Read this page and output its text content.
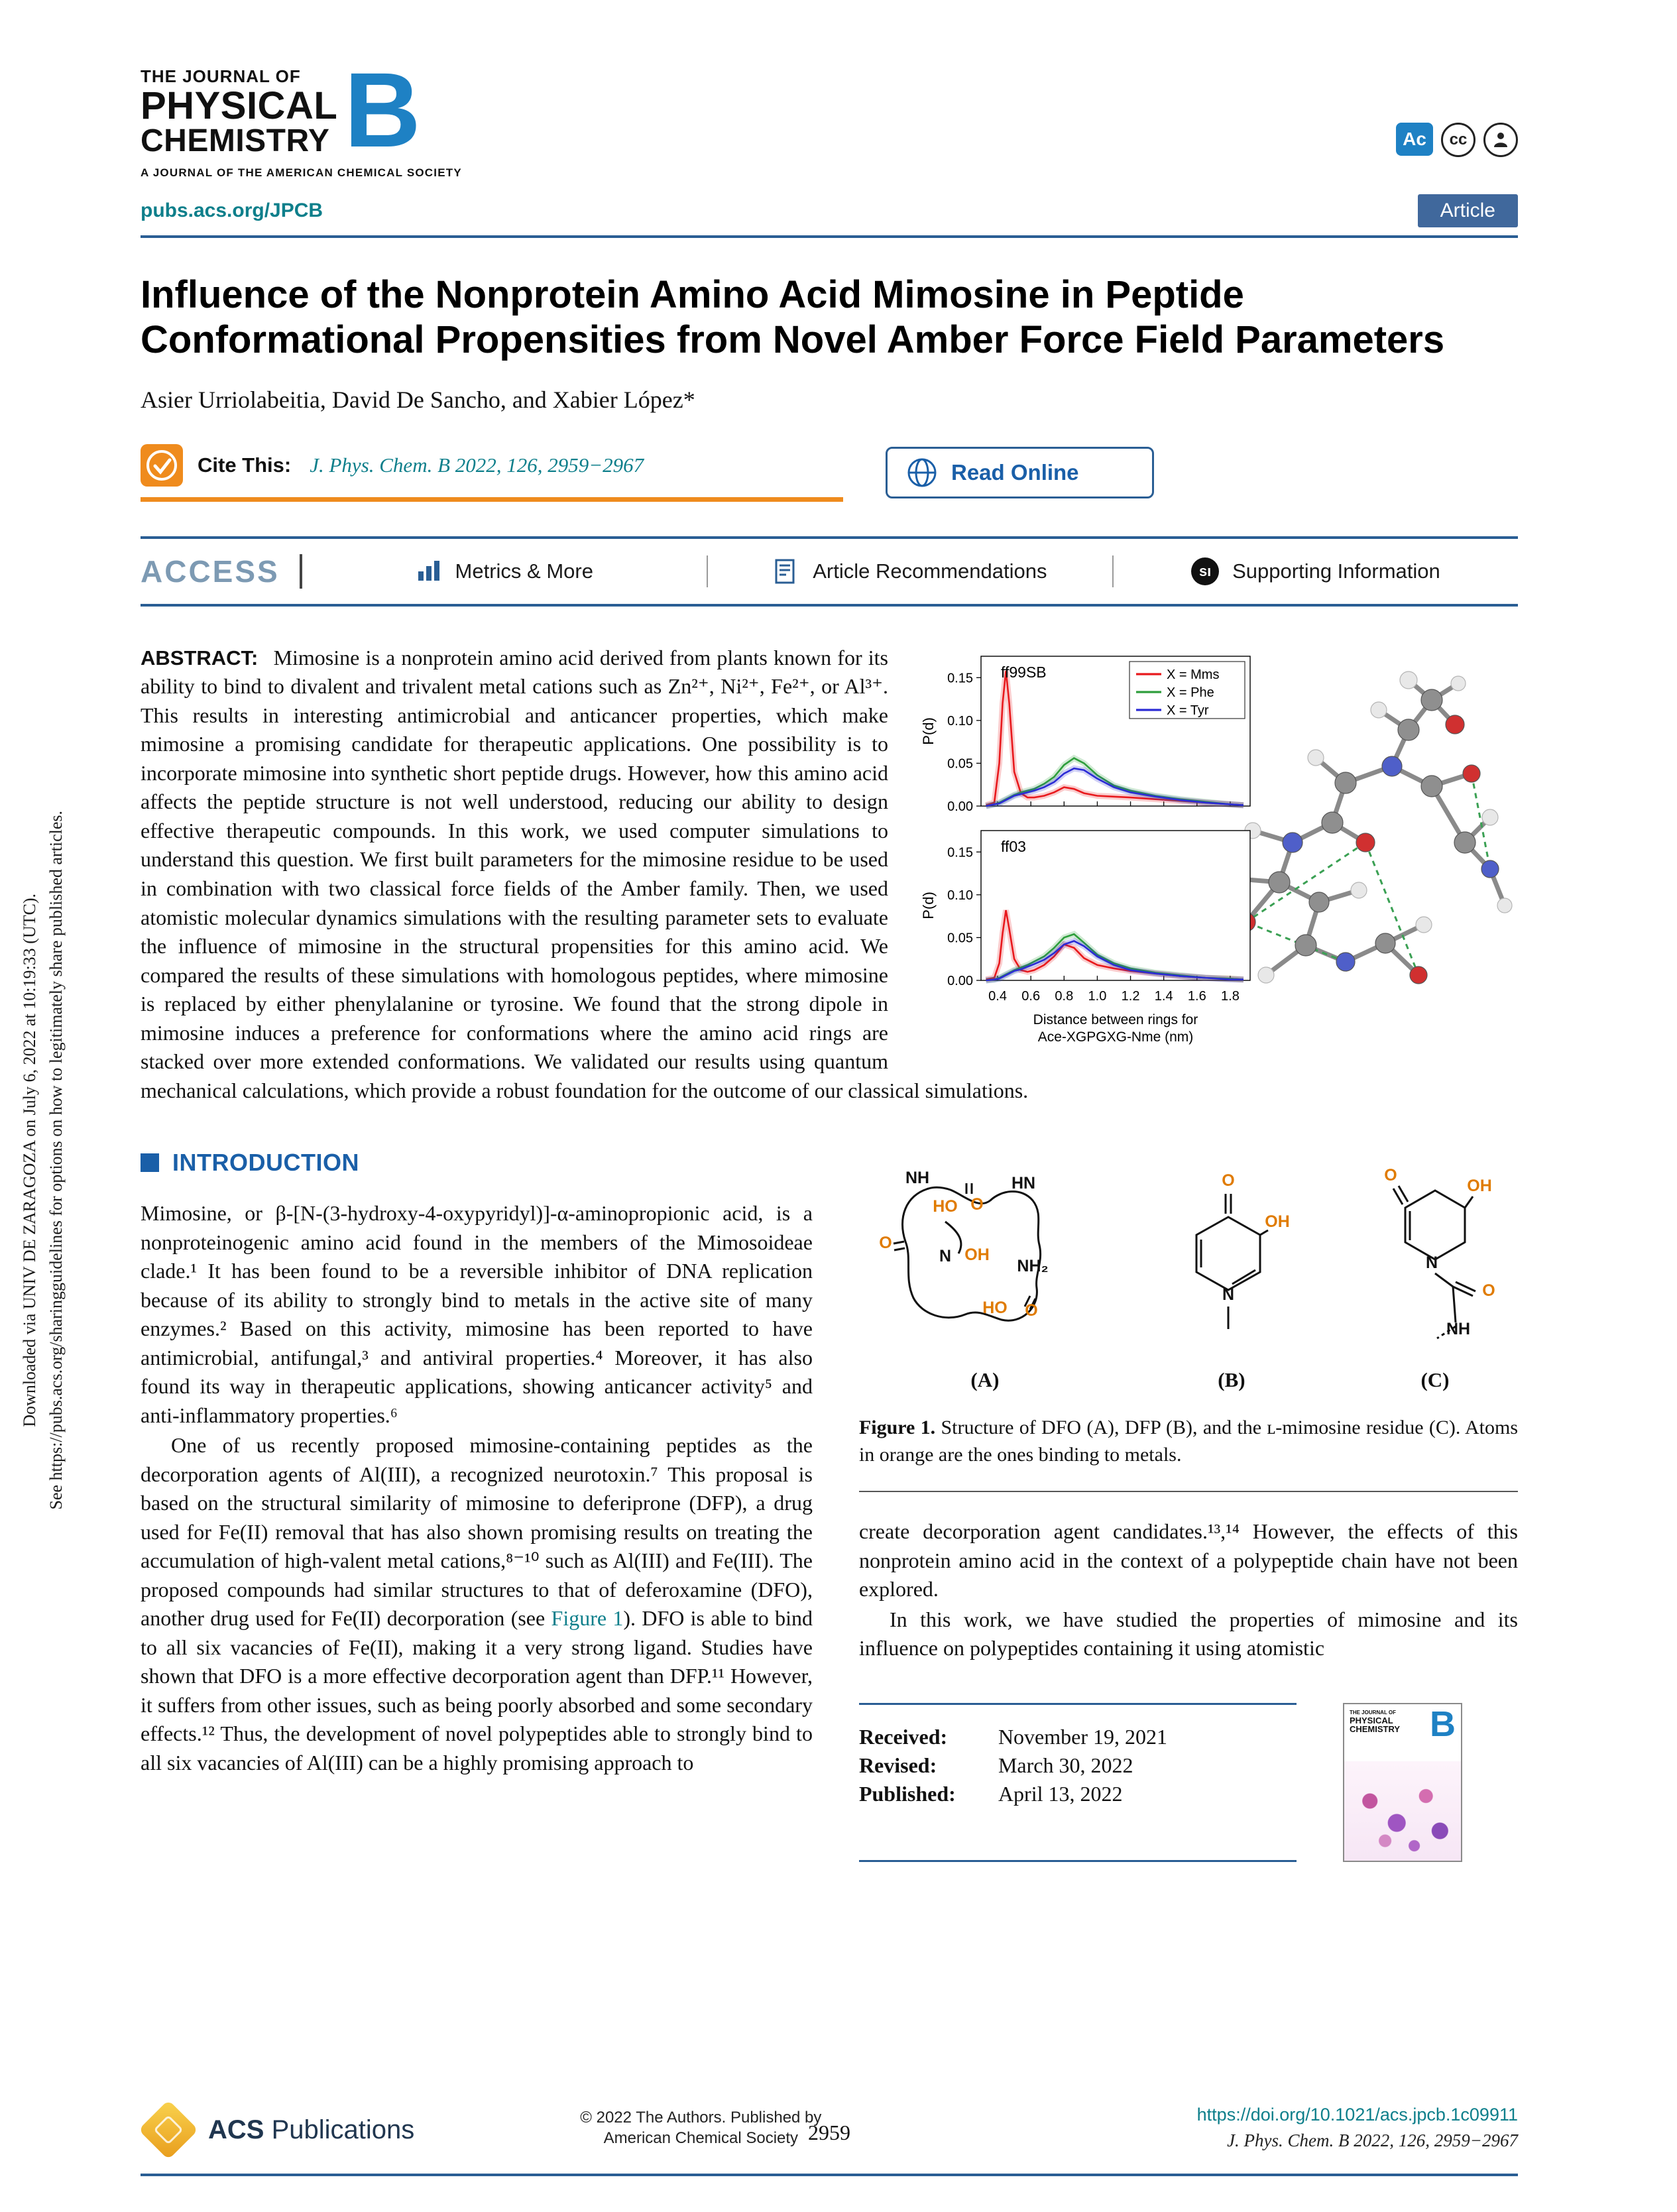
Downloaded via UNIV DE ZARAGOZA on July 6, 2022 at 10:19:33 (UTC). See https://pubs.acs.org/sharingguidelines for options on how to legitimately share published articles.
THE JOURNAL OF
PHYSICAL
CHEMISTRY B
A JOURNAL OF THE AMERICAN CHEMICAL SOCIETY
Ac cc
pubs.acs.org/JPCB	Article
Influence of the Nonprotein Amino Acid Mimosine in Peptide Conformational Propensities from Novel Amber Force Field Parameters
Asier Urriolabeitia, David De Sancho, and Xabier López*
Cite This: J. Phys. Chem. B 2022, 126, 2959−2967	Read Online
ACCESS	Metrics & More	Article Recommendations	sı	Supporting Information
0.00
0.05
0.10
0.15 ff99SB
P(d)
X = Mms
X = Phe
X = Tyr
0.00
0.05
0.10
0.15
0.4 0.6 0.8 1.0 1.2 1.4 1.6 1.8
ff03
P(d)
Distance between rings for
Ace-XGPGXG-Nme (nm)
ABSTRACT: Mimosine is a nonprotein amino acid derived from plants known for its ability to bind to divalent and trivalent metal cations such as Zn²⁺, Ni²⁺, Fe²⁺, or Al³⁺. This results in interesting antimicrobial and anticancer properties, which make mimosine a promising candidate for therapeutic applications. One possibility is to incorporate mimosine into synthetic short peptide drugs. However, how this amino acid affects the peptide structure is not well understood, reducing our ability to design effective therapeutic compounds. In this work, we used computer simulations to understand this question. We first built parameters for the mimosine residue to be used in combination with two classical force fields of the Amber family. Then, we used atomistic molecular dynamics simulations with the resulting parameter sets to evaluate the influence of mimosine in the structural propensities for this amino acid. We compared the results of these simulations with homologous peptides, where mimosine is replaced by either phenylalanine or tyrosine. We found that the strong dipole in mimosine induces a preference for conformations where the amino acid rings are stacked over more extended conformations. We validated our results using quantum mechanical calculations, which provide a robust foundation for the outcome of our classical simulations.
INTRODUCTION

Mimosine, or β-[N-(3-hydroxy-4-oxypyridyl)]-α-aminopropionic acid, is a nonproteinogenic amino acid found in the members of the Mimosoideae clade.¹ It has been found to be a reversible inhibitor of DNA replication because of its ability to strongly bind to metals in the active site of many enzymes.² Based on this activity, mimosine has been reported to have antimicrobial, antifungal,³ and antiviral properties.⁴ Moreover, it has also found its way in therapeutic applications, showing anticancer activity⁵ and anti-inflammatory properties.⁶

One of us recently proposed mimosine-containing peptides as the decorporation agents of Al(III), a recognized neurotoxin.⁷ This proposal is based on the structural similarity of mimosine to deferiprone (DFP), a drug used for Fe(II) removal that has also shown promising results on treating the accumulation of high-valent metal cations,⁸⁻¹⁰ such as Al(III) and Fe(III). The proposed compounds had similar structures to that of deferoxamine (DFO), another drug used for Fe(II) decorporation (see Figure 1). DFO is able to bind to all six vacancies of Fe(II), making it a very strong ligand. Studies have shown that DFO is a more effective decorporation agent than DFP.¹¹ However, it suffers from other issues, such as being poorly absorbed and some secondary effects.¹² Thus, the development of novel polypeptides able to strongly bind to all six vacancies of Al(III) can be a highly promising approach to

O
NH
HO O
N
HN
OH
NH₂
HO O
(A)
O
OH
N
(B)
O
OH
N
O
NH
(C)
Figure 1. Structure of DFO (A), DFP (B), and the ʟ-mimosine residue (C). Atoms in orange are the ones binding to metals.

create decorporation agent candidates.¹³,¹⁴ However, the effects of this nonprotein amino acid in the context of a polypeptide chain have not been explored.

In this work, we have studied the properties of mimosine and its influence on polypeptides containing it using atomistic

Received:	November 19, 2021
Revised:	March 30, 2022
Published:	April 13, 2022
THE JOURNAL OF
PHYSICAL CHEMISTRY B
ACS Publications	© 2022 The Authors. Published by
American Chemical Society 2959
https://doi.org/10.1021/acs.jpcb.1c09911
J. Phys. Chem. B 2022, 126, 2959−2967
